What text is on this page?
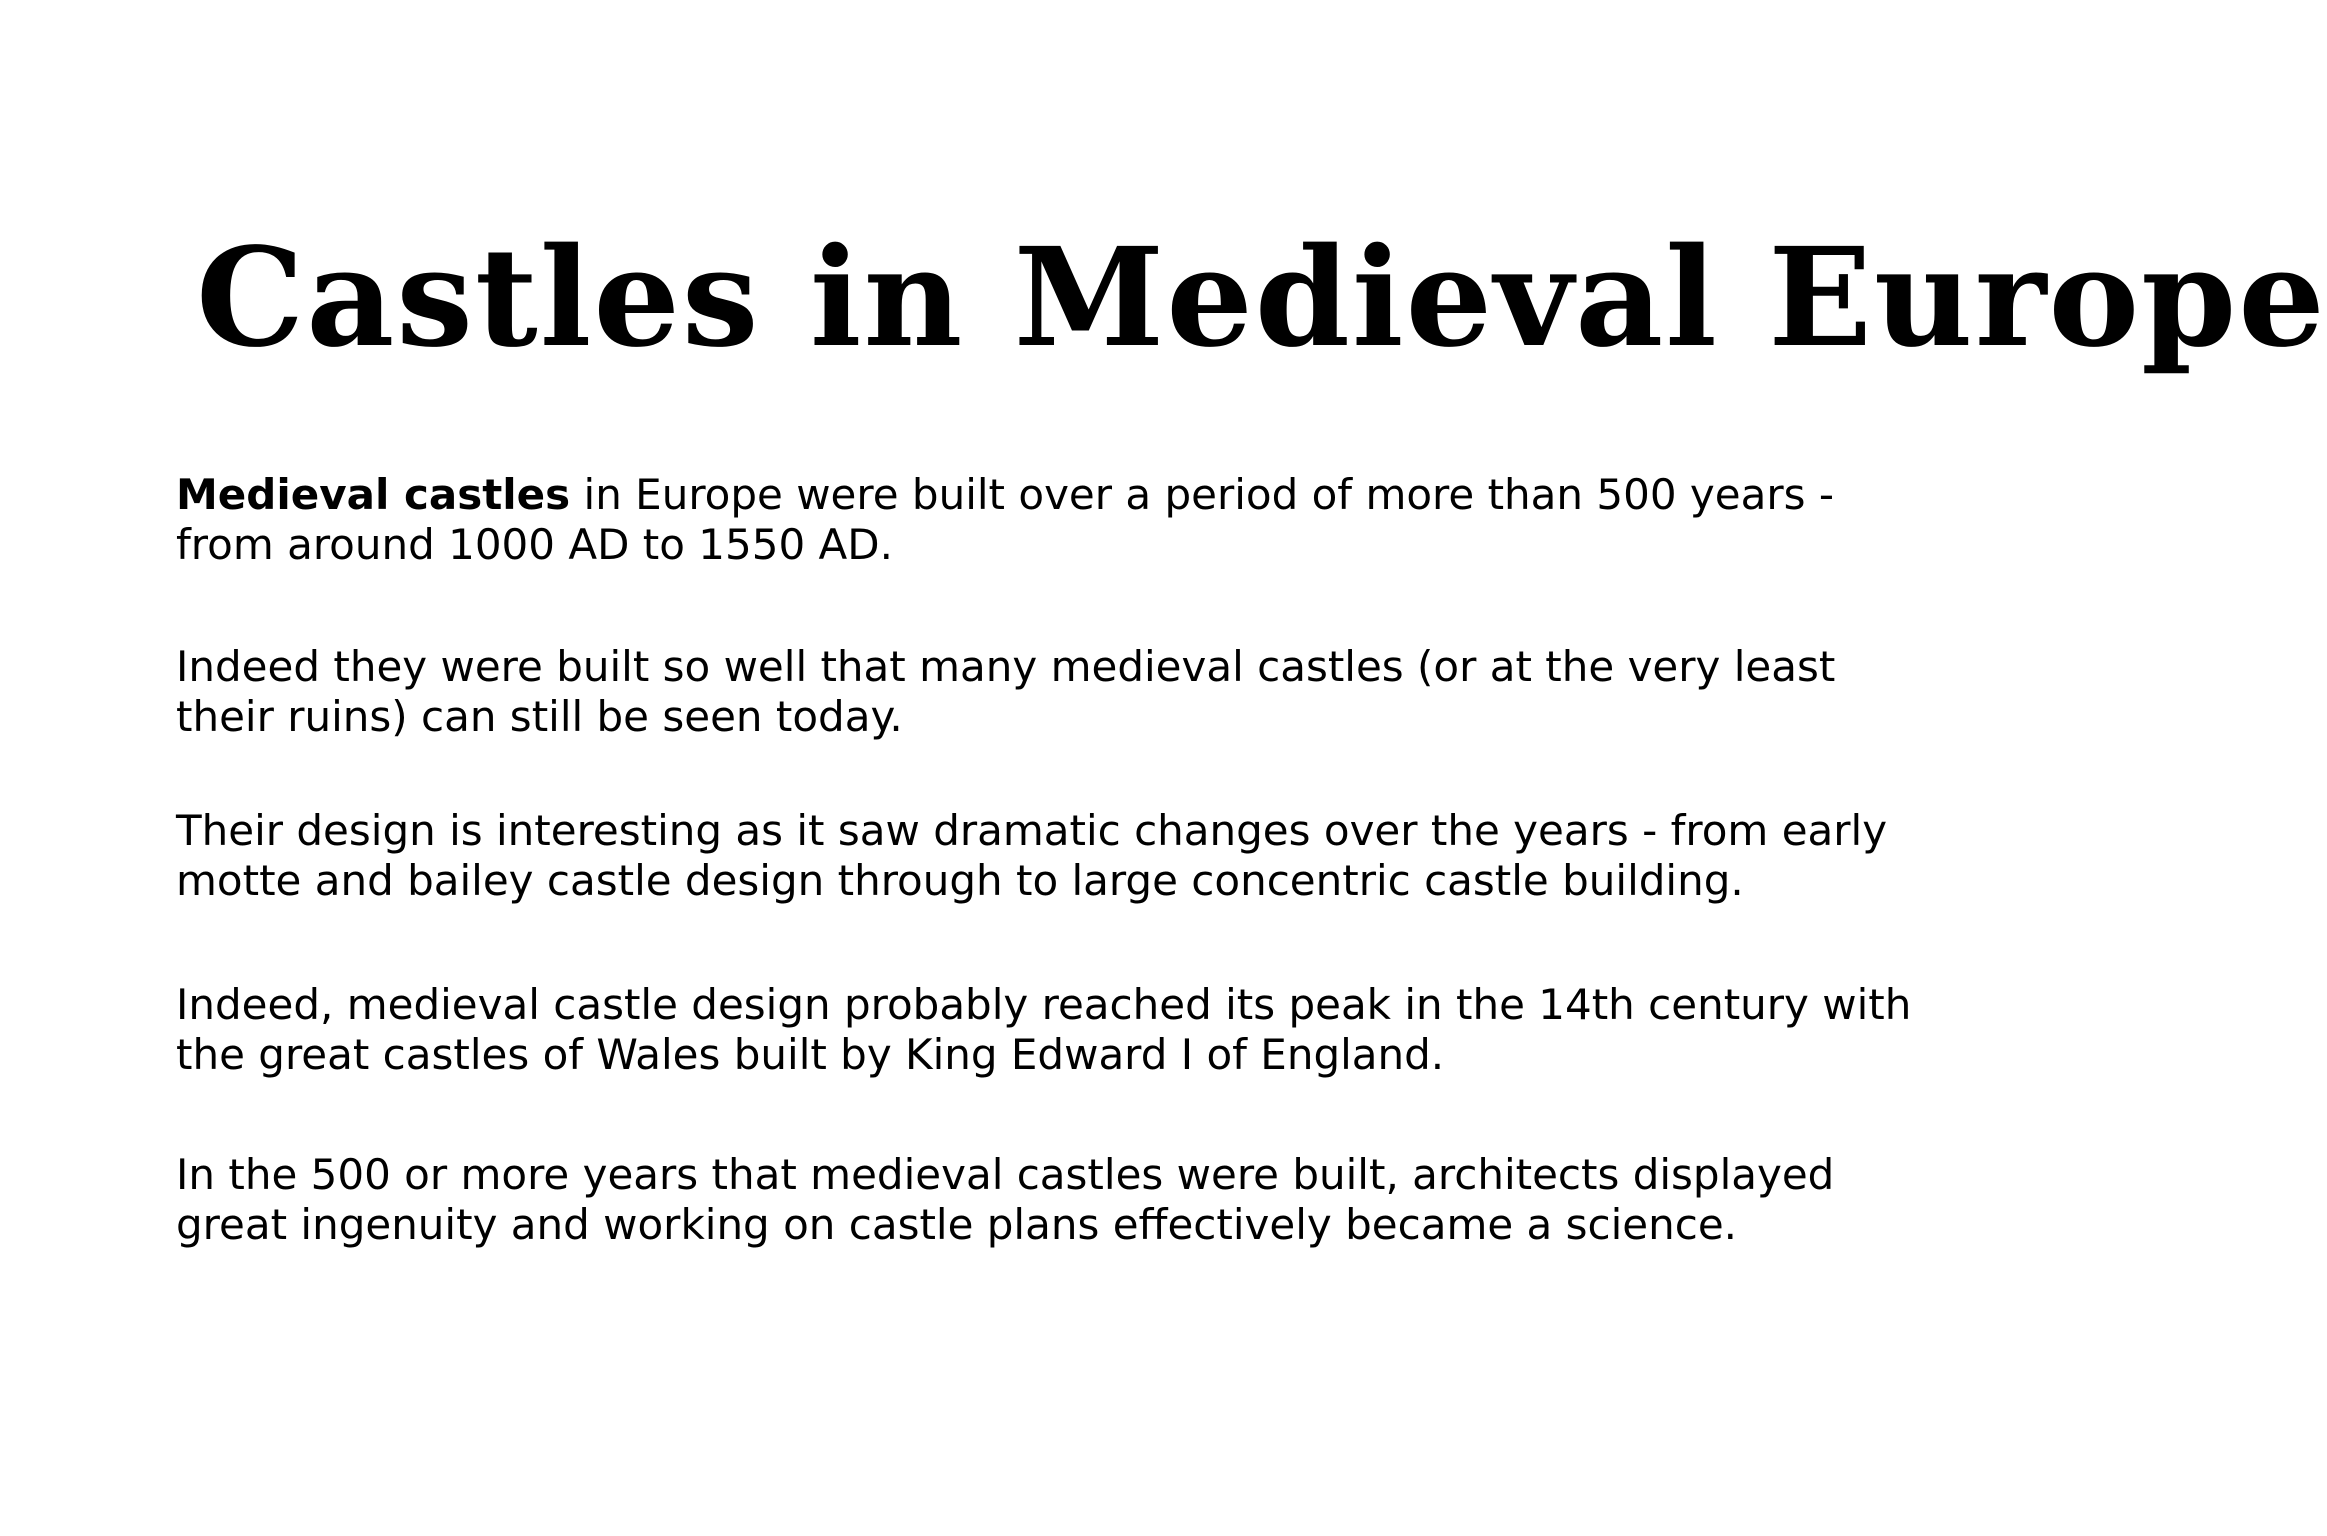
Castles in Medieval Europe

Medieval castles in Europe were built over a period of more than 500 years - from around 1000 AD to 1550 AD.

Indeed they were built so well that many medieval castles (or at the very least their ruins) can still be seen today.

Their design is interesting as it saw dramatic changes over the years - from early motte and bailey castle design through to large concentric castle building.

Indeed, medieval castle design probably reached its peak in the 14th century with the great castles of Wales built by King Edward I of England.

In the 500 or more years that medieval castles were built, architects displayed great ingenuity and working on castle plans effectively became a science.
